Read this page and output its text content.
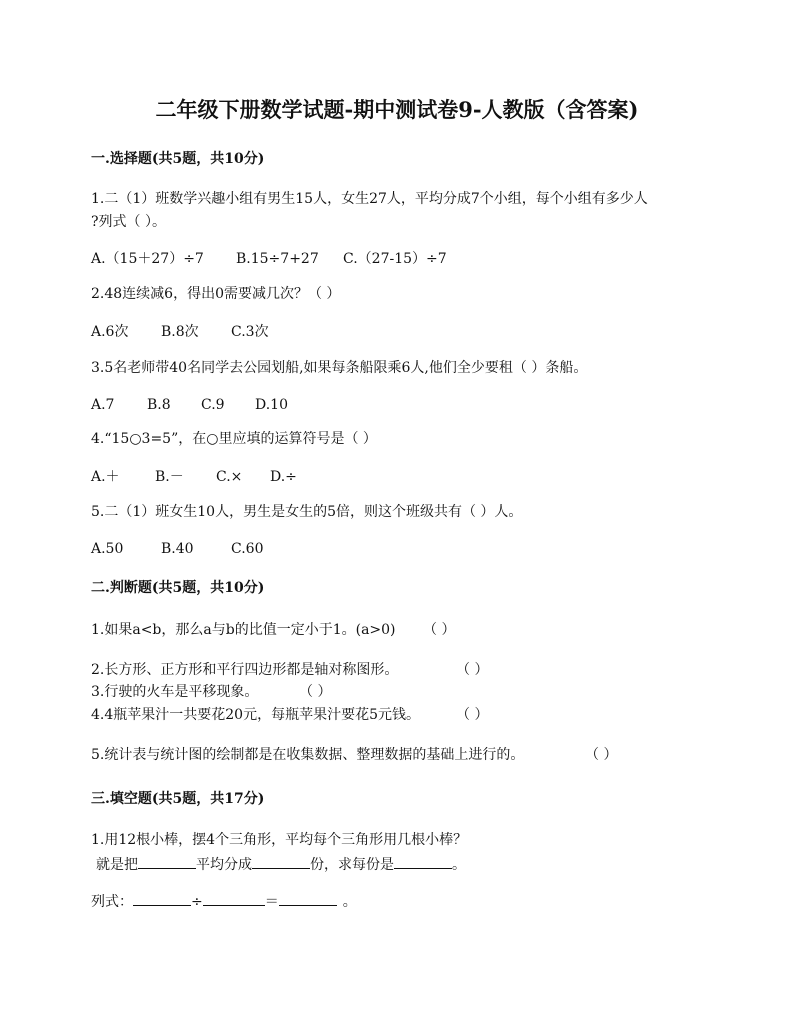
二年级下册数学试题-期中测试卷9-人教版（含答案)
一.选择题(共5题，共10分)
1.二（1）班数学兴趣小组有男生15人，女生27人，平均分成7个小组，每个小组有多少人
?列式（ ）。
A.（15＋27）÷7 B.15÷7+27 C.（27-15）÷7
2.48连续减6，得出0需要减几次？（ ）
A.6次 B.8次 C.3次
3.5名老师带40名同学去公园划船,如果每条船限乘6人,他们全少要租（ ）条船。
A.7 B.8 C.9 D.10
4.“15○3=5”，在○里应填的运算符号是（ ）
A.＋	B.－ C.× D.÷
5.二（1）班女生10人，男生是女生的5倍，则这个班级共有（ ）人。
A.50	B.40	C.60
二.判断题(共5题，共10分)
1.如果a<b，那么a与b的比值一定小于1。(a>0) （ ）
2.长方形、正方形和平行四边形都是轴对称图形。	（ ）
3.行驶的火车是平移现象。	（ ）
4.4瓶苹果汁一共要花20元，每瓶苹果汁要花5元钱。	（ ）
5.统计表与统计图的绘制都是在收集数据、整理数据的基础上进行的。	（ ）
三.填空题(共5题，共17分)
1.用12根小棒，摆4个三角形，平均每个三角形用几根小棒？
就是把	平均分成	份，求每份是	。
列式：	÷	＝	。
